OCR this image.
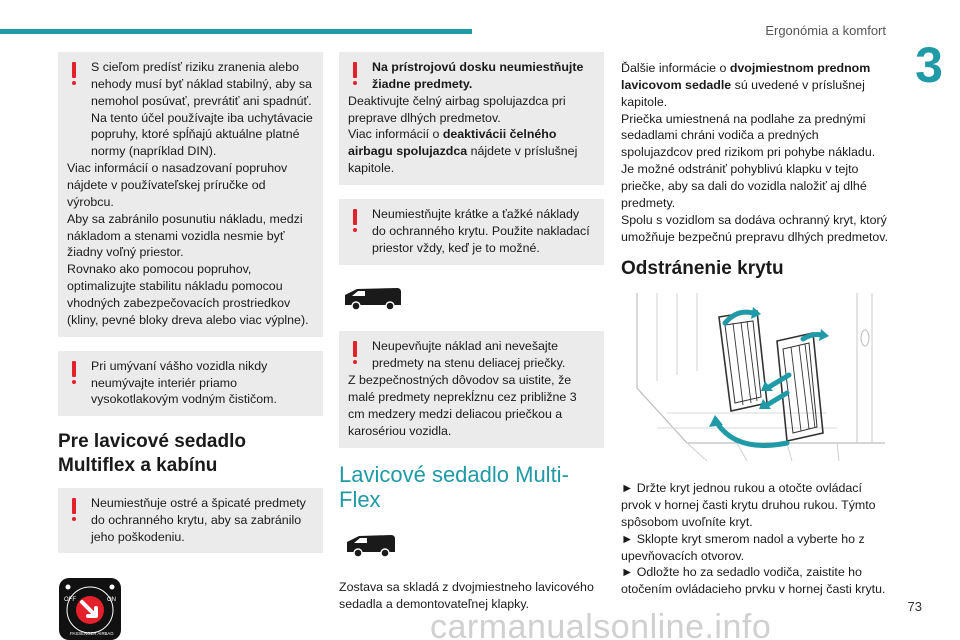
Ergonómia a komfort
3

S cieľom predísť riziku zranenia alebo nehody musí byť náklad stabilný, aby sa nemohol posúvať, prevrátiť ani spadnúť. Na tento účel používajte iba uchytávacie popruhy, ktoré spĺňajú aktuálne platné normy (napríklad DIN).

Viac informácií o nasadzovaní popruhov nájdete v používateľskej príručke od výrobcu.

Aby sa zabránilo posunutiu nákladu, medzi nákladom a stenami vozidla nesmie byť žiadny voľný priestor.

Rovnako ako pomocou popruhov, optimalizujte stabilitu nákladu pomocou vhodných zabezpečovacích prostriedkov (kliny, pevné bloky dreva alebo viac výplne).

Pri umývaní vášho vozidla nikdy neumývajte interiér priamo vysokotlakovým vodným čističom.

Pre lavicové sedadlo Multiflex a kabínu

Neumiestňuje ostré a špicaté predmety do ochranného krytu, aby sa zabránilo jeho poškodeniu.

OFF	ON
PASSENGER AIRBAG

Na prístrojovú dosku neumiestňujte žiadne predmety.

Deaktivujte čelný airbag spolujazdca pri preprave dlhých predmetov.

Viac informácií o deaktivácii čelného airbagu spolujazdca nájdete v príslušnej kapitole.

Neumiestňujte krátke a ťažké náklady do ochranného krytu. Použite nakladací priestor vždy, keď je to možné.

Neupevňujte náklad ani nevešajte predmety na stenu deliacej priečky.

Z bezpečnostných dôvodov sa uistite, že malé predmety neprekĺznu cez približne 3 cm medzery medzi deliacou priečkou a karosériou vozidla.

Lavicové sedadlo Multi-Flex

Zostava sa skladá z dvojmiestneho lavicového sedadla a demontovateľnej klapky.

Ďalšie informácie o dvojmiestnom prednom lavicovom sedadle sú uvedené v príslušnej kapitole.

Priečka umiestnená na podlahe za prednými sedadlami chráni vodiča a predných spolujazdcov pred rizikom pri pohybe nákladu.

Je možné odstrániť pohyblivú klapku v tejto priečke, aby sa dali do vozidla naložiť aj dlhé predmety.

Spolu s vozidlom sa dodáva ochranný kryt, ktorý umožňuje bezpečnú prepravu dlhých predmetov.

Odstránenie krytu

► Držte kryt jednou rukou a otočte ovládací prvok v hornej časti krytu druhou rukou. Týmto spôsobom uvoľníte kryt.

► Sklopte kryt smerom nadol a vyberte ho z upevňovacích otvorov.

► Odložte ho za sedadlo vodiča, zaistite ho otočením ovládacieho prvku v hornej časti krytu.

73
carmanualsonline.info
